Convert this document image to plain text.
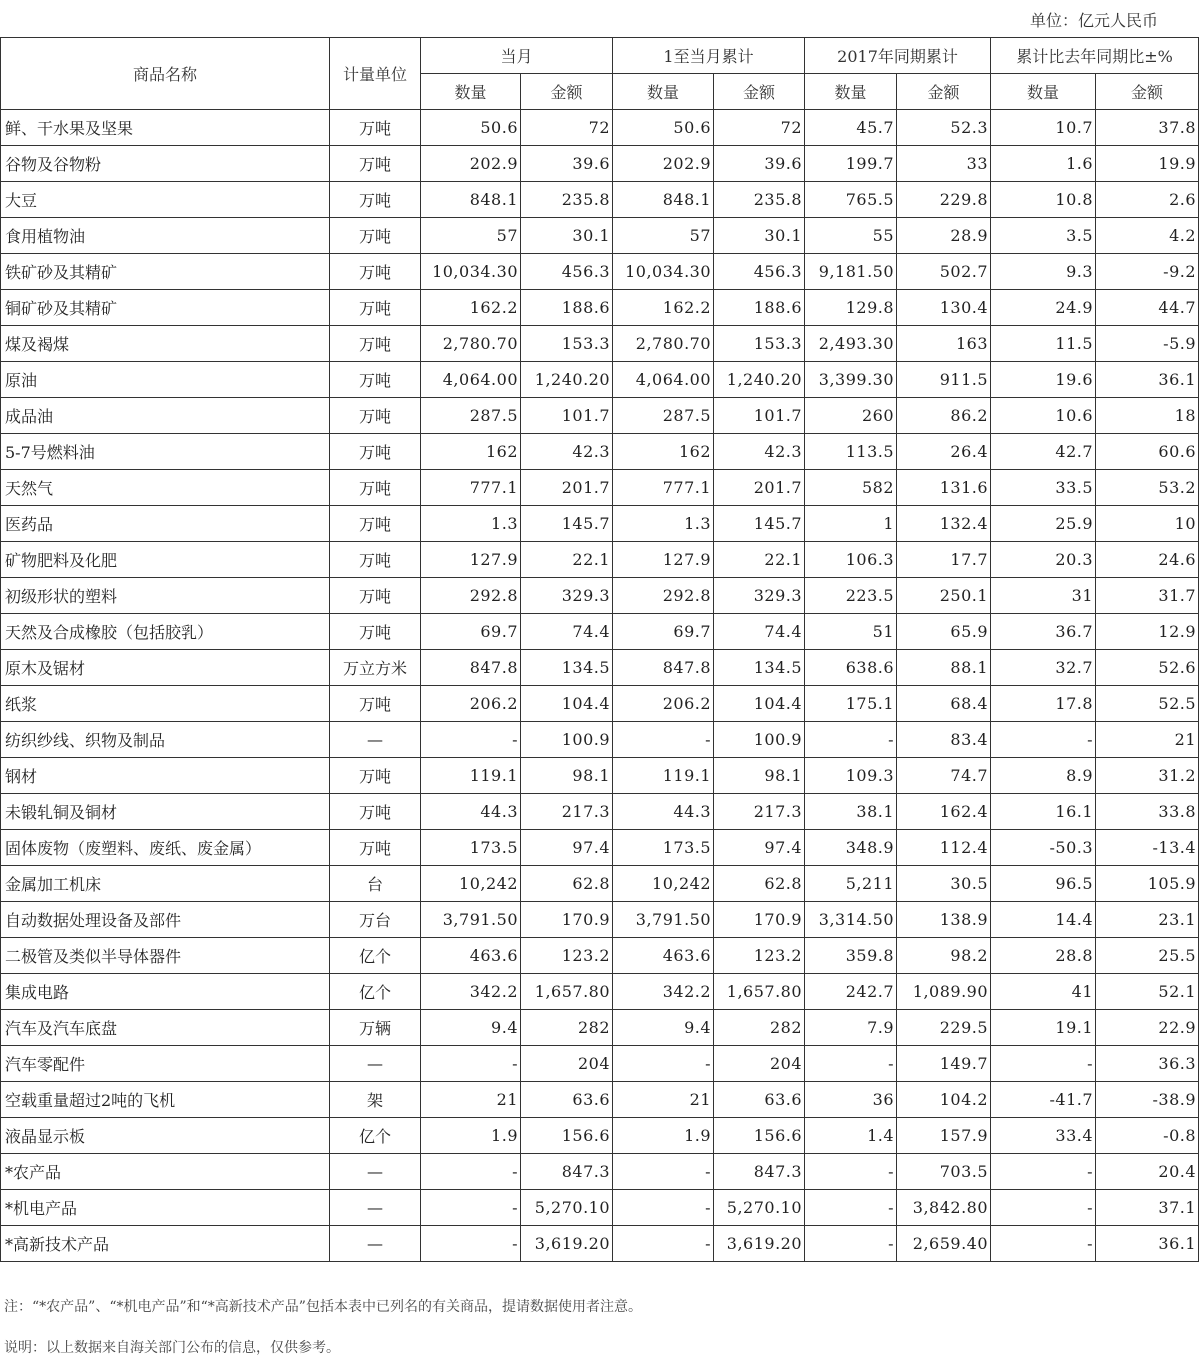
单位：亿元人民币
商品名称	计量单位	当月		1至当月累计		2017年同期累计		累计比去年同期比±%	
		数量	金额	数量	金额	数量	金额	数量	金额
鲜、干水果及坚果	万吨	50.6	72	50.6	72	45.7	52.3	10.7	37.8
谷物及谷物粉	万吨	202.9	39.6	202.9	39.6	199.7	33	1.6	19.9
大豆	万吨	848.1	235.8	848.1	235.8	765.5	229.8	10.8	2.6
食用植物油	万吨	57	30.1	57	30.1	55	28.9	3.5	4.2
铁矿砂及其精矿	万吨	10,034.30	456.3	10,034.30	456.3	9,181.50	502.7	9.3	-9.2
铜矿砂及其精矿	万吨	162.2	188.6	162.2	188.6	129.8	130.4	24.9	44.7
煤及褐煤	万吨	2,780.70	153.3	2,780.70	153.3	2,493.30	163	11.5	-5.9
原油	万吨	4,064.00	1,240.20	4,064.00	1,240.20	3,399.30	911.5	19.6	36.1
成品油	万吨	287.5	101.7	287.5	101.7	260	86.2	10.6	18
5-7号燃料油	万吨	162	42.3	162	42.3	113.5	26.4	42.7	60.6
天然气	万吨	777.1	201.7	777.1	201.7	582	131.6	33.5	53.2
医药品	万吨	1.3	145.7	1.3	145.7	1	132.4	25.9	10
矿物肥料及化肥	万吨	127.9	22.1	127.9	22.1	106.3	17.7	20.3	24.6
初级形状的塑料	万吨	292.8	329.3	292.8	329.3	223.5	250.1	31	31.7
天然及合成橡胶（包括胶乳）	万吨	69.7	74.4	69.7	74.4	51	65.9	36.7	12.9
原木及锯材	万立方米	847.8	134.5	847.8	134.5	638.6	88.1	32.7	52.6
纸浆	万吨	206.2	104.4	206.2	104.4	175.1	68.4	17.8	52.5
纺织纱线、织物及制品	—	-	100.9	-	100.9	-	83.4	-	21
钢材	万吨	119.1	98.1	119.1	98.1	109.3	74.7	8.9	31.2
未锻轧铜及铜材	万吨	44.3	217.3	44.3	217.3	38.1	162.4	16.1	33.8
固体废物（废塑料、废纸、废金属）	万吨	173.5	97.4	173.5	97.4	348.9	112.4	-50.3	-13.4
金属加工机床	台	10,242	62.8	10,242	62.8	5,211	30.5	96.5	105.9
自动数据处理设备及部件	万台	3,791.50	170.9	3,791.50	170.9	3,314.50	138.9	14.4	23.1
二极管及类似半导体器件	亿个	463.6	123.2	463.6	123.2	359.8	98.2	28.8	25.5
集成电路	亿个	342.2	1,657.80	342.2	1,657.80	242.7	1,089.90	41	52.1
汽车及汽车底盘	万辆	9.4	282	9.4	282	7.9	229.5	19.1	22.9
汽车零配件	—	-	204	-	204	-	149.7	-	36.3
空载重量超过2吨的飞机	架	21	63.6	21	63.6	36	104.2	-41.7	-38.9
液晶显示板	亿个	1.9	156.6	1.9	156.6	1.4	157.9	33.4	-0.8
*农产品	—	-	847.3	-	847.3	-	703.5	-	20.4
*机电产品	—	-	5,270.10	-	5,270.10	-	3,842.80	-	37.1
*高新技术产品	—	-	3,619.20	-	3,619.20	-	2,659.40	-	36.1
注：“*农产品”、“*机电产品”和“*高新技术产品”包括本表中已列名的有关商品，提请数据使用者注意。
说明：以上数据来自海关部门公布的信息，仅供参考。
